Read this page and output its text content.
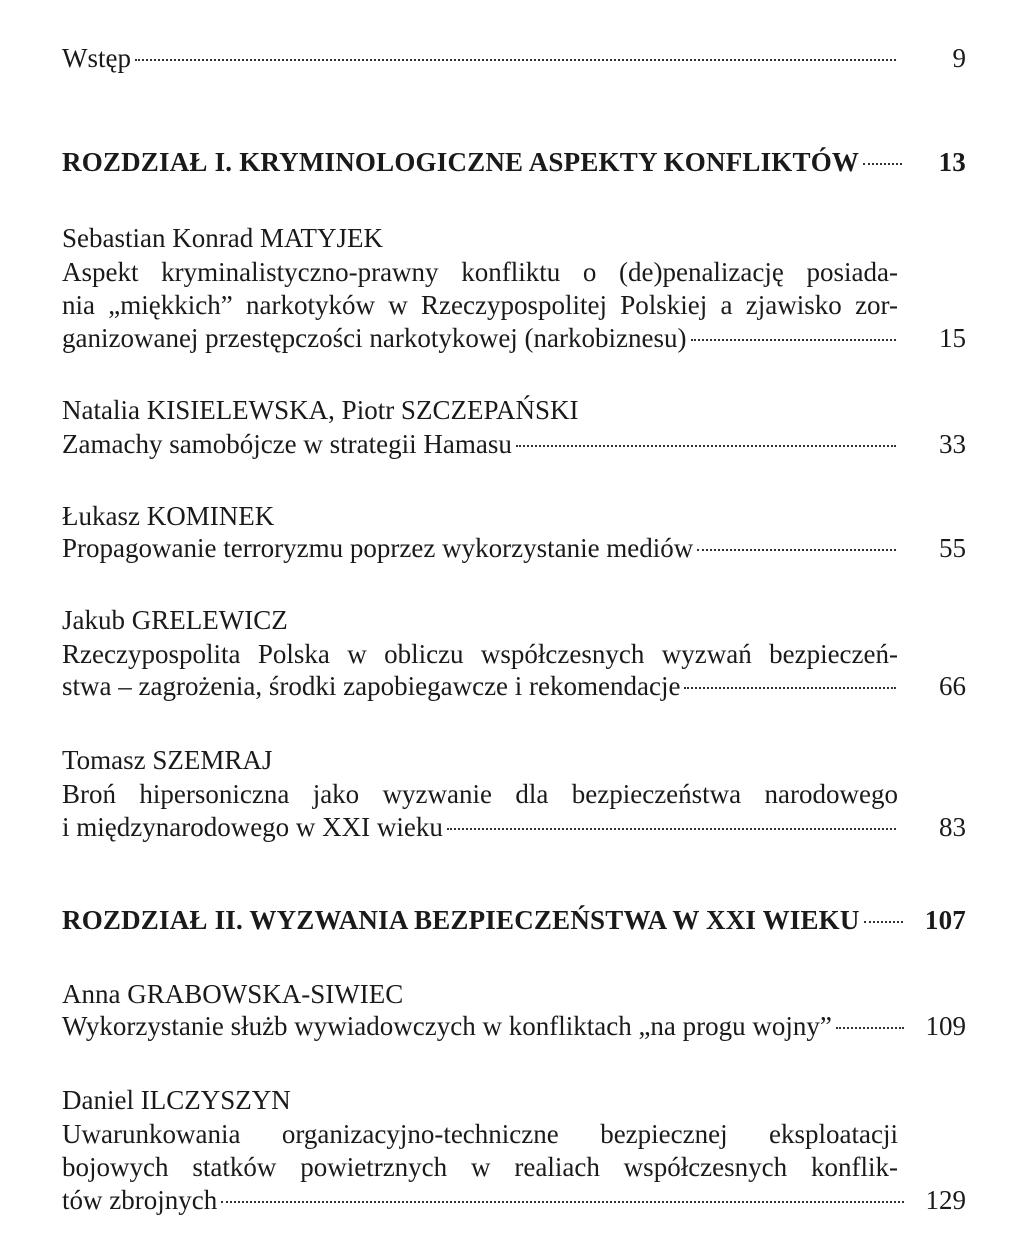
Wstęp	9
ROZDZIAŁ I. KRYMINOLOGICZNE ASPEKTY KONFLIKTÓW	13
Sebastian Konrad MATYJEK
Aspekt kryminalistyczno-prawny konfliktu o (de)penalizację posiada-
nia „miękkich” narkotyków w Rzeczypospolitej Polskiej a zjawisko zor-
ganizowanej przestępczości narkotykowej (narkobiznesu)	15
Natalia KISIELEWSKA, Piotr SZCZEPAŃSKI
Zamachy samobójcze w strategii Hamasu	33
Łukasz KOMINEK
Propagowanie terroryzmu poprzez wykorzystanie mediów	55
Jakub GRELEWICZ
Rzeczypospolita Polska w obliczu współczesnych wyzwań bezpieczeń-
stwa – zagrożenia, środki zapobiegawcze i rekomendacje	66
Tomasz SZEMRAJ
Broń hipersoniczna jako wyzwanie dla bezpieczeństwa narodowego
i międzynarodowego w XXI wieku	83
ROZDZIAŁ II. WYZWANIA BEZPIECZEŃSTWA W XXI WIEKU 107
Anna GRABOWSKA-SIWIEC
Wykorzystanie służb wywiadowczych w konfliktach „na progu wojny”	109
Daniel ILCZYSZYN
Uwarunkowania organizacyjno-techniczne bezpiecznej eksploatacji
bojowych statków powietrznych w realiach współczesnych konflik-
tów zbrojnych	129
